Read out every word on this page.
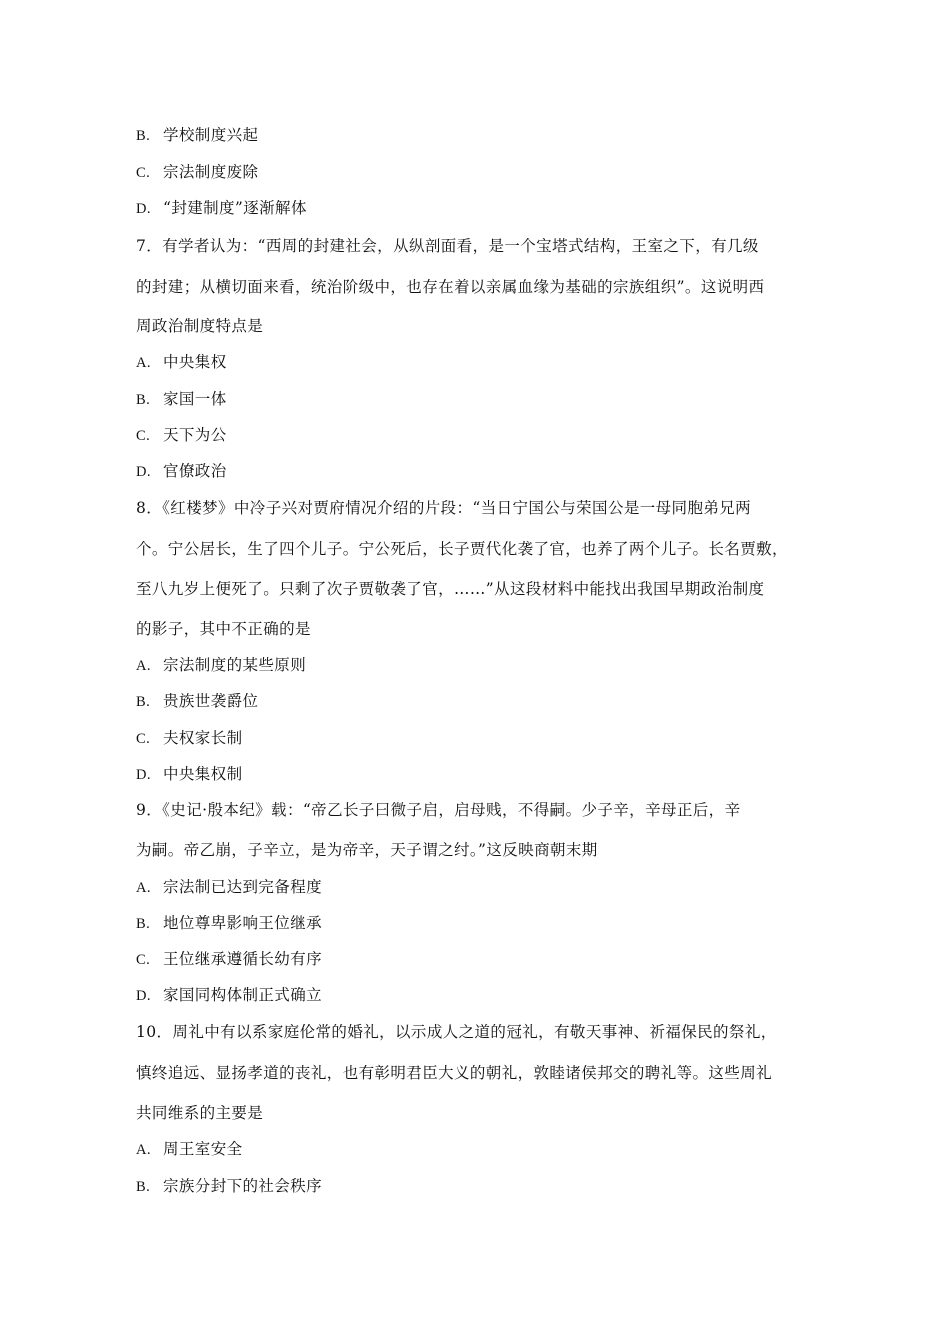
B. 学校制度兴起
C. 宗法制度废除
D. “封建制度”逐渐解体
7．有学者认为：“西周的封建社会，从纵剖面看，是一个宝塔式结构，王室之下，有几级
的封建；从横切面来看，统治阶级中，也存在着以亲属血缘为基础的宗族组织”。这说明西
周政治制度特点是
A. 中央集权
B. 家国一体
C. 天下为公
D. 官僚政治
8．《红楼梦》中冷子兴对贾府情况介绍的片段：“当日宁国公与荣国公是一母同胞弟兄两
个。宁公居长，生了四个儿子。宁公死后，长子贾代化袭了官，也养了两个儿子。长名贾敷，
至八九岁上便死了。只剩了次子贾敬袭了官，……”从这段材料中能找出我国早期政治制度
的影子，其中不正确的是
A. 宗法制度的某些原则
B. 贵族世袭爵位
C. 夫权家长制
D. 中央集权制
9．《史记·殷本纪》载：“帝乙长子曰微子启，启母贱，不得嗣。少子辛，辛母正后，辛
为嗣。帝乙崩，子辛立，是为帝辛，天子谓之纣。”这反映商朝末期
A. 宗法制已达到完备程度
B. 地位尊卑影响王位继承
C. 王位继承遵循长幼有序
D. 家国同构体制正式确立
10．周礼中有以系家庭伦常的婚礼，以示成人之道的冠礼，有敬天事神、祈福保民的祭礼，
慎终追远、显扬孝道的丧礼，也有彰明君臣大义的朝礼，敦睦诸侯邦交的聘礼等。这些周礼
共同维系的主要是
A. 周王室安全
B. 宗族分封下的社会秩序
